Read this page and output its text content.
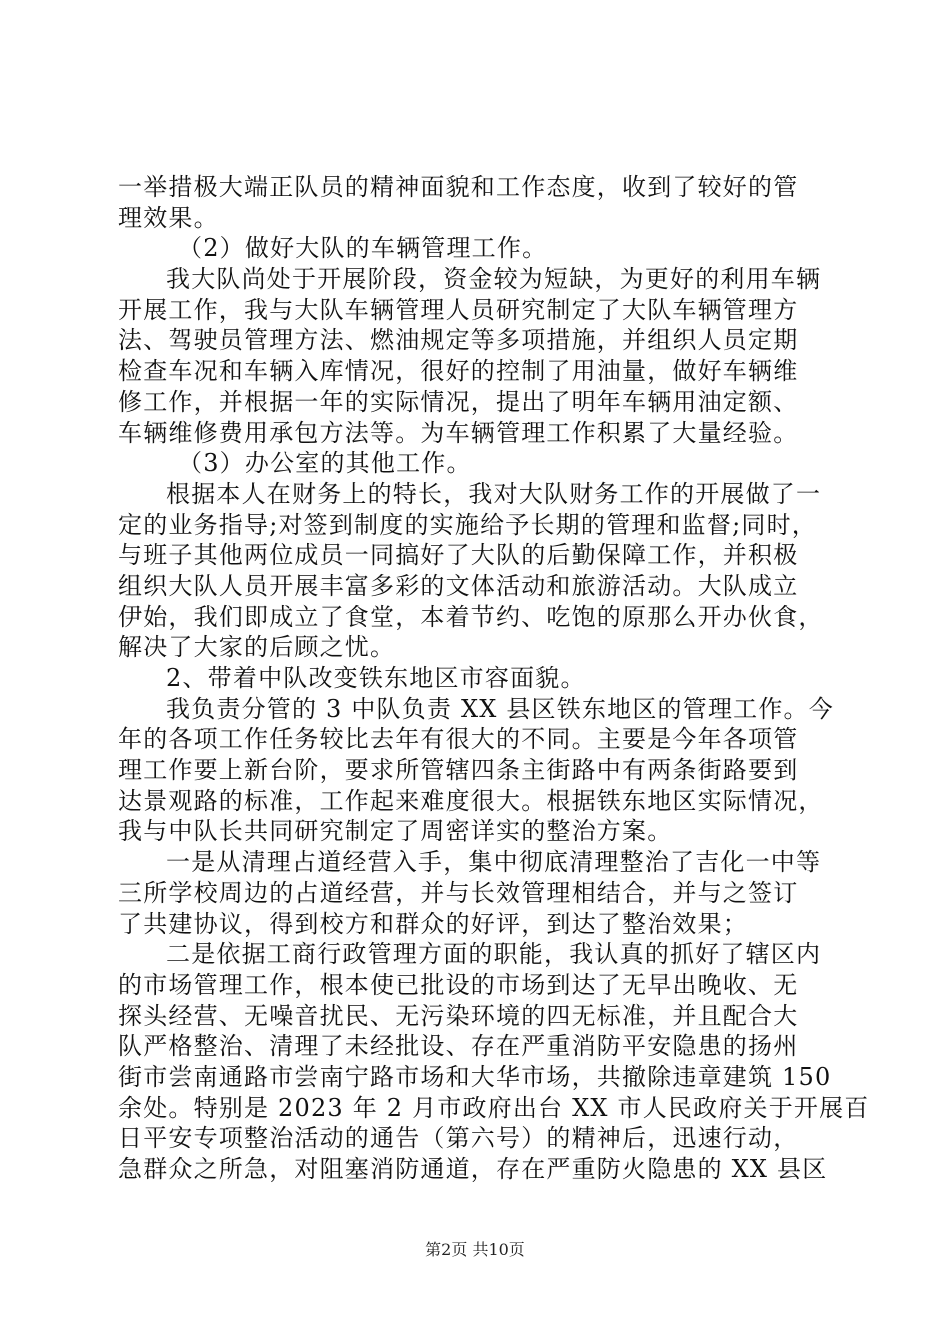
一举措极大端正队员的精神面貌和工作态度，收到了较好的管
理效果。
（2）做好大队的车辆管理工作。
我大队尚处于开展阶段，资金较为短缺，为更好的利用车辆
开展工作，我与大队车辆管理人员研究制定了大队车辆管理方
法、驾驶员管理方法、燃油规定等多项措施，并组织人员定期
检查车况和车辆入库情况，很好的控制了用油量，做好车辆维
修工作，并根据一年的实际情况，提出了明年车辆用油定额、
车辆维修费用承包方法等。为车辆管理工作积累了大量经验。
（3）办公室的其他工作。
根据本人在财务上的特长，我对大队财务工作的开展做了一
定的业务指导;对签到制度的实施给予长期的管理和监督;同时，
与班子其他两位成员一同搞好了大队的后勤保障工作，并积极
组织大队人员开展丰富多彩的文体活动和旅游活动。大队成立
伊始，我们即成立了食堂，本着节约、吃饱的原那么开办伙食，
解决了大家的后顾之忧。
2、带着中队改变铁东地区市容面貌。
我负责分管的 3 中队负责 XX 县区铁东地区的管理工作。今
年的各项工作任务较比去年有很大的不同。主要是今年各项管
理工作要上新台阶，要求所管辖四条主街路中有两条街路要到
达景观路的标准，工作起来难度很大。根据铁东地区实际情况，
我与中队长共同研究制定了周密详实的整治方案。
一是从清理占道经营入手，集中彻底清理整治了吉化一中等
三所学校周边的占道经营，并与长效管理相结合，并与之签订
了共建协议，得到校方和群众的好评，到达了整治效果；
二是依据工商行政管理方面的职能，我认真的抓好了辖区内
的市场管理工作，根本使已批设的市场到达了无早出晚收、无
探头经营、无噪音扰民、无污染环境的四无标准，并且配合大
队严格整治、清理了未经批设、存在严重消防平安隐患的扬州
街市尝南通路市尝南宁路市场和大华市场，共撤除违章建筑 150
余处。特别是 2023 年 2 月市政府出台 XX 市人民政府关于开展百
日平安专项整治活动的通告（第六号）的精神后，迅速行动，
急群众之所急，对阻塞消防通道，存在严重防火隐患的 XX 县区
第2页 共10页
